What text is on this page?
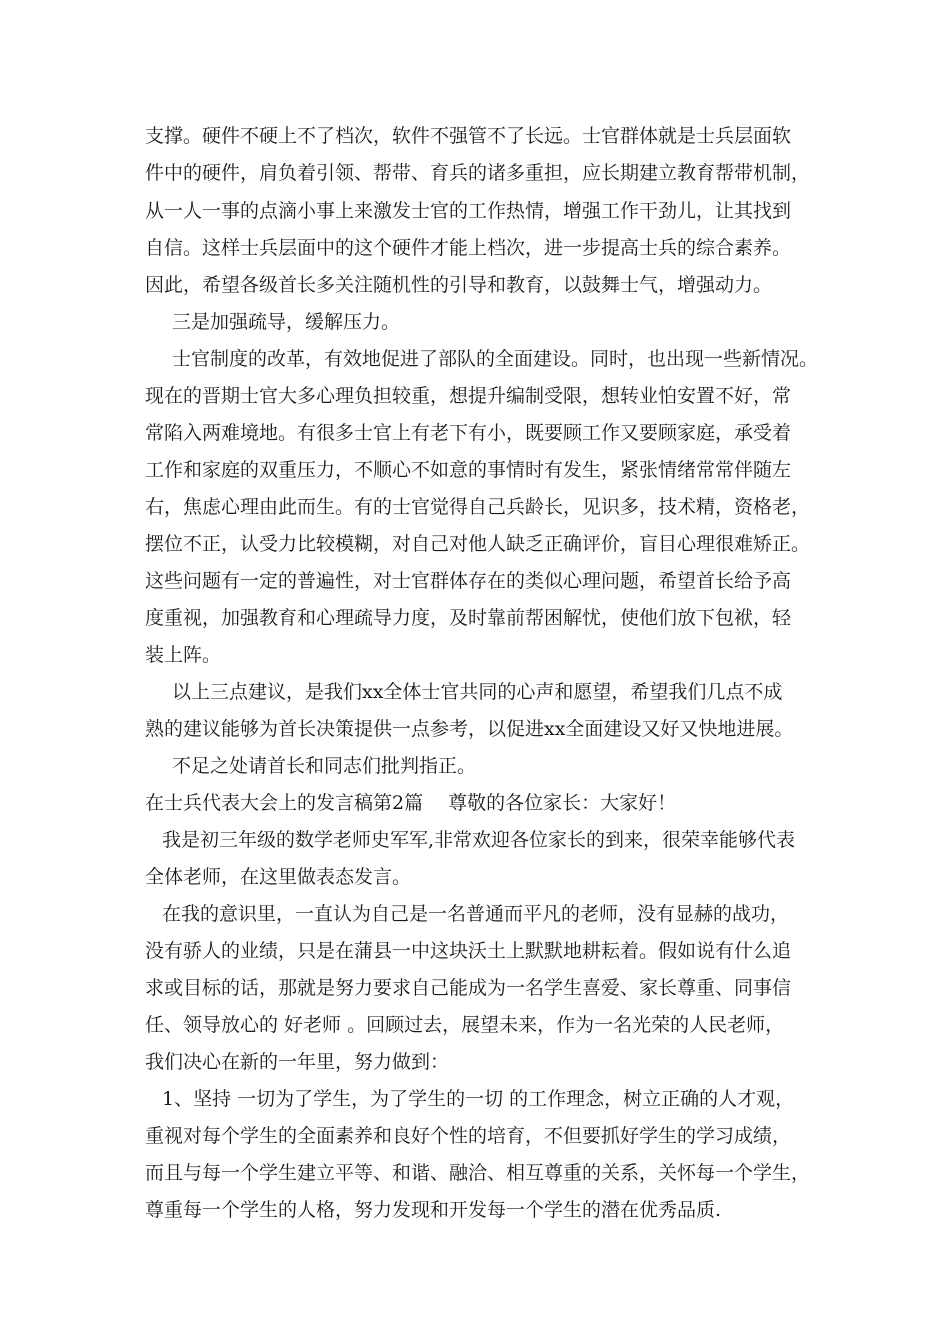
支撑。硬件不硬上不了档次，软件不强管不了长远。士官群体就是士兵层面软
件中的硬件，肩负着引领、帮带、育兵的诸多重担，应长期建立教育帮带机制，
从一人一事的点滴小事上来激发士官的工作热情，增强工作干劲儿，让其找到
自信。这样士兵层面中的这个硬件才能上档次，进一步提高士兵的综合素养。
因此，希望各级首长多关注随机性的引导和教育，以鼓舞士气，增强动力。
三是加强疏导，缓解压力。
士官制度的改革，有效地促进了部队的全面建设。同时，也出现一些新情况。
现在的晋期士官大多心理负担较重，想提升编制受限，想转业怕安置不好，常
常陷入两难境地。有很多士官上有老下有小，既要顾工作又要顾家庭，承受着
工作和家庭的双重压力，不顺心不如意的事情时有发生，紧张情绪常常伴随左
右，焦虑心理由此而生。有的士官觉得自己兵龄长，见识多，技术精，资格老，
摆位不正，认受力比较模糊，对自己对他人缺乏正确评价，盲目心理很难矫正。
这些问题有一定的普遍性，对士官群体存在的类似心理问题，希望首长给予高
度重视，加强教育和心理疏导力度，及时靠前帮困解忧，使他们放下包袱，轻
装上阵。
以上三点建议，是我们xx全体士官共同的心声和愿望，希望我们几点不成
熟的建议能够为首长决策提供一点参考，以促进xx全面建设又好又快地进展。
不足之处请首长和同志们批判指正。
在士兵代表大会上的发言稿第2篇　 尊敬的各位家长：大家好！
我是初三年级的数学老师史军军,非常欢迎各位家长的到来，很荣幸能够代表
全体老师，在这里做表态发言。
在我的意识里，一直认为自己是一名普通而平凡的老师，没有显赫的战功，
没有骄人的业绩，只是在蒲县一中这块沃土上默默地耕耘着。假如说有什么追
求或目标的话，那就是努力要求自己能成为一名学生喜爱、家长尊重、同事信
任、领导放心的 好老师 。回顾过去，展望未来，作为一名光荣的人民老师，
我们决心在新的一年里，努力做到：
1、坚持 一切为了学生，为了学生的一切 的工作理念，树立正确的人才观，
重视对每个学生的全面素养和良好个性的培育，不但要抓好学生的学习成绩，
而且与每一个学生建立平等、和谐、融洽、相互尊重的关系，关怀每一个学生，
尊重每一个学生的人格，努力发现和开发每一个学生的潜在优秀品质.
